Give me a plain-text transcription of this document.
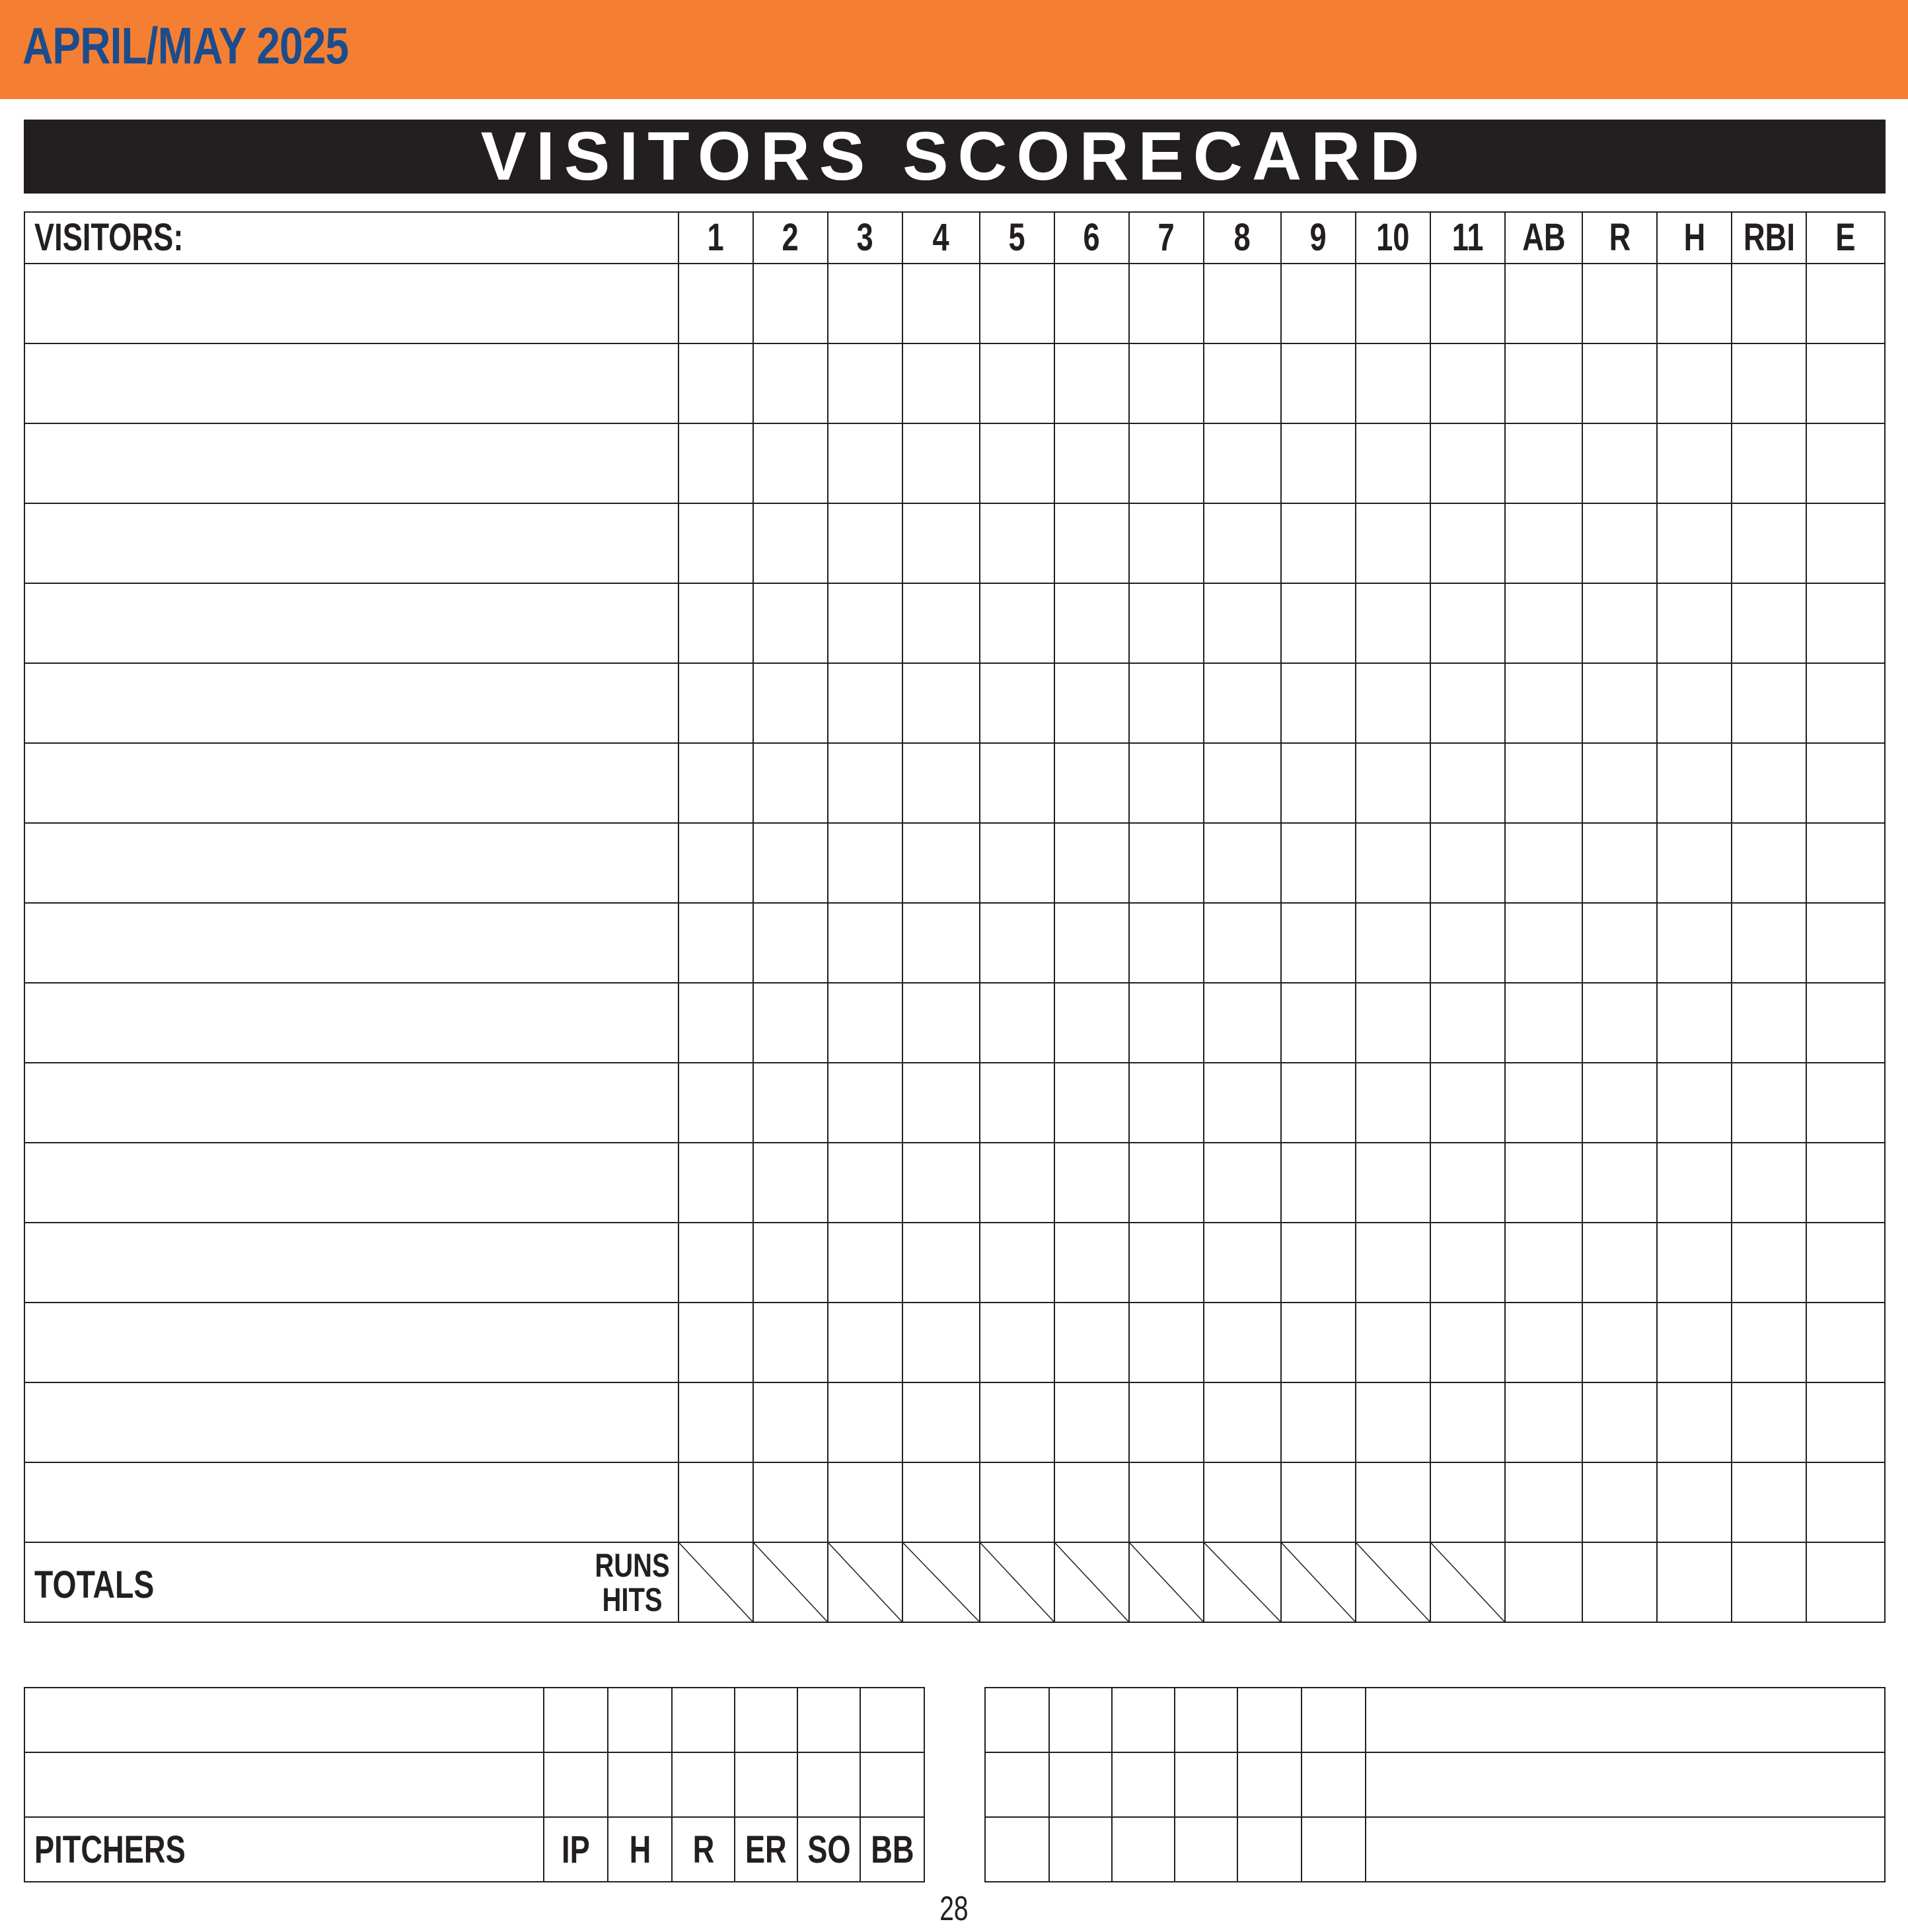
APRIL/MAY 2025
VISITORS SCORECARD
VISITORS:	1	2	3	4	5	6	7	8	9	10	11	AB	R	H	RBI	E

TOTALS RUNS
HITS

PITCHERS	IP	H	R	ER	SO	BB

28
